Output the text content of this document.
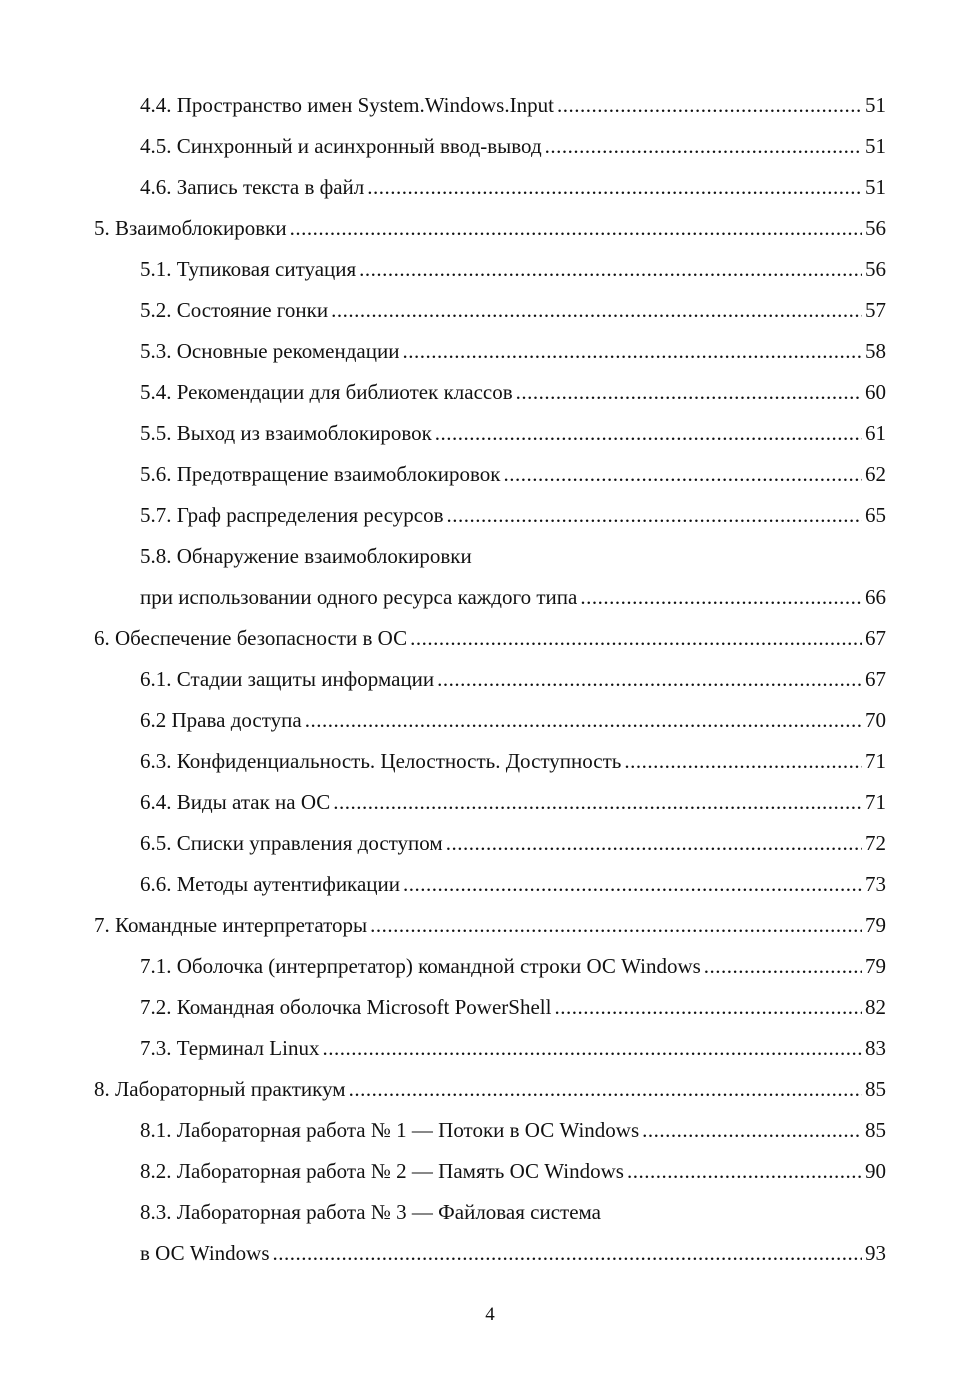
4.4. Пространство имен System.Windows.Input .....	51
4.5. Синхронный и асинхронный ввод-вывод .....	51
4.6. Запись текста в файл .....	51
5. Взаимоблокировки .....	56
5.1. Тупиковая ситуация .....	56
5.2. Состояние гонки .....	57
5.3. Основные рекомендации .....	58
5.4. Рекомендации для библиотек классов .....	60
5.5. Выход из взаимоблокировок .....	61
5.6. Предотвращение взаимоблокировок .....	62
5.7. Граф распределения ресурсов .....	65
5.8. Обнаружение взаимоблокировки
при использовании одного ресурса каждого типа .....	66
6. Обеспечение безопасности в ОС .....	67
6.1. Стадии защиты информации .....	67
6.2 Права доступа .....	70
6.3. Конфиденциальность. Целостность. Доступность .....	71
6.4. Виды атак на ОС .....	71
6.5. Списки управления доступом .....	72
6.6. Методы аутентификации .....	73
7. Командные интерпретаторы .....	79
7.1. Оболочка (интерпретатор) командной строки ОС Windows .....	79
7.2. Командная оболочка Microsoft PowerShell .....	82
7.3. Терминал Linux .....	83
8. Лабораторный практикум .....	85
8.1. Лабораторная работа № 1 — Потоки в ОС Windows .....	85
8.2. Лабораторная работа № 2 — Память ОС Windows .....	90
8.3. Лабораторная работа № 3 — Файловая система
в ОС Windows .....	93
4
